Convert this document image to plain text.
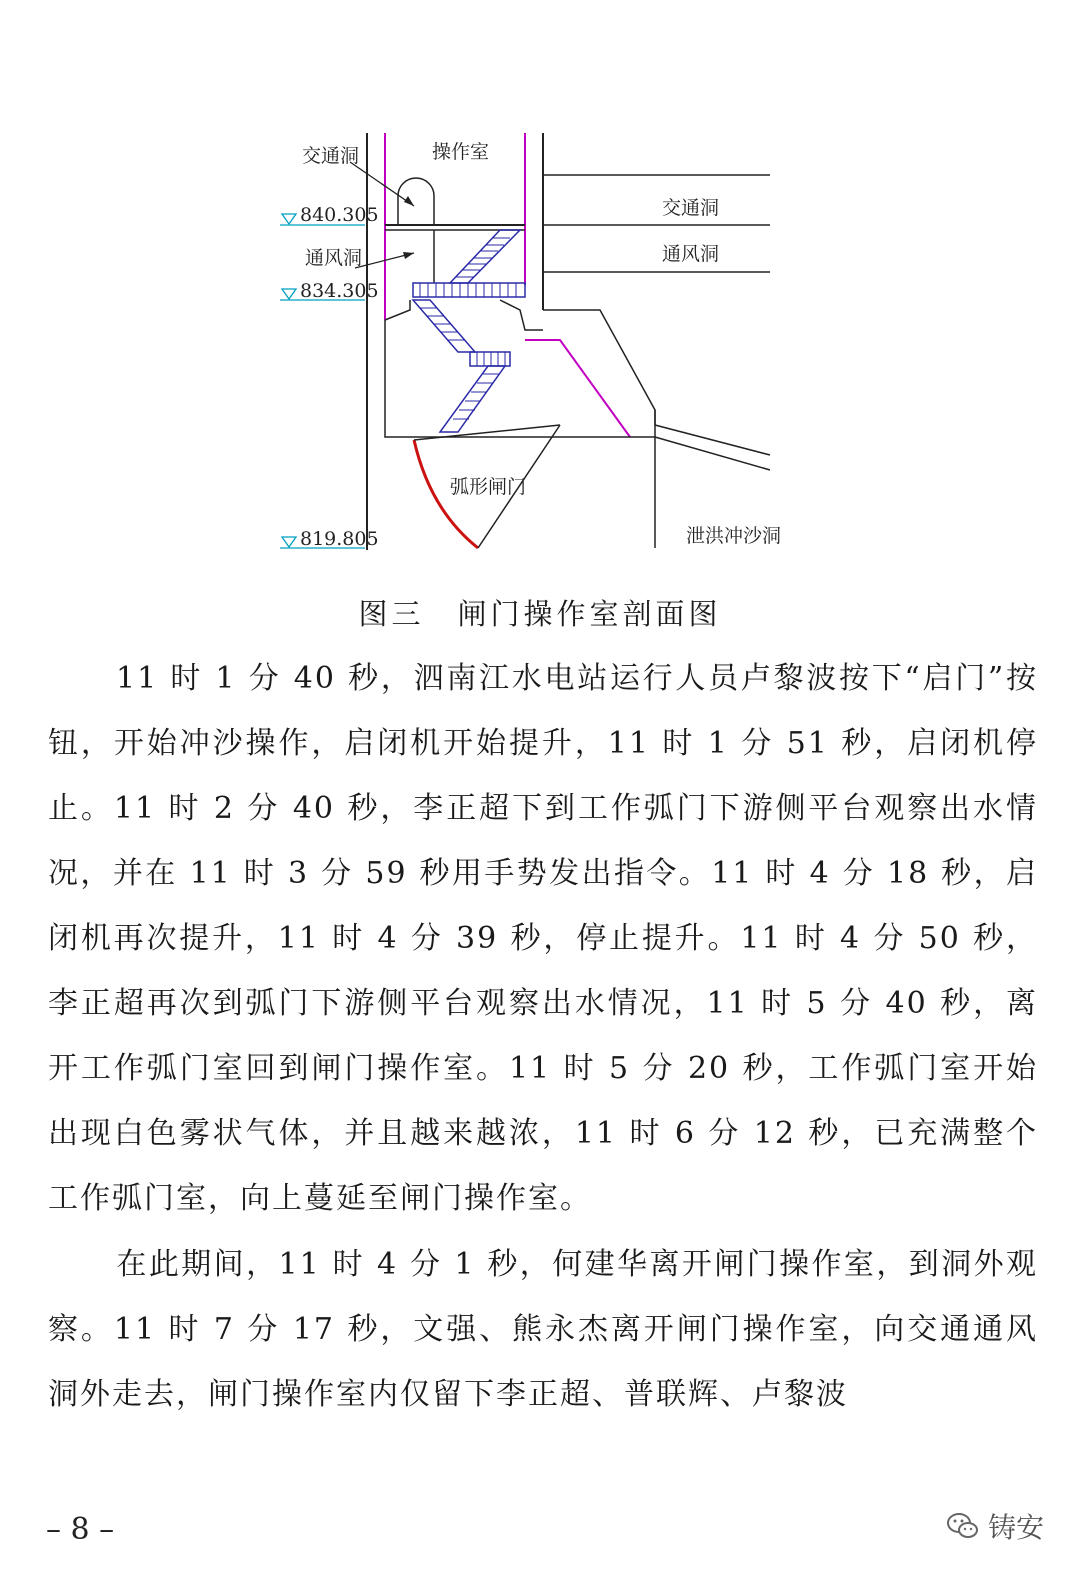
交通洞	操作室
通风洞
交通洞
通风洞
弧形闸门
泄洪冲沙洞
840.305
834.305
819.805
图三　闸门操作室剖面图

11 时 1 分 40 秒，泗南江水电站运行人员卢黎波按下“启门”按钮，开始冲沙操作，启闭机开始提升，11 时 1 分 51 秒，启闭机停止。11 时 2 分 40 秒，李正超下到工作弧门下游侧平台观察出水情况，并在 11 时 3 分 59 秒用手势发出指令。11 时 4 分 18 秒，启闭机再次提升，11 时 4 分 39 秒，停止提升。11 时 4 分 50 秒，李正超再次到弧门下游侧平台观察出水情况，11 时 5 分 40 秒，离开工作弧门室回到闸门操作室。11 时 5 分 20 秒，工作弧门室开始出现白色雾状气体，并且越来越浓，11 时 6 分 12 秒，已充满整个工作弧门室，向上蔓延至闸门操作室。

在此期间，11 时 4 分 1 秒，何建华离开闸门操作室，到洞外观察。11 时 7 分 17 秒，文强、熊永杰离开闸门操作室，向交通通风洞外走去，闸门操作室内仅留下李正超、普联辉、卢黎波

– 8 –	铸安
